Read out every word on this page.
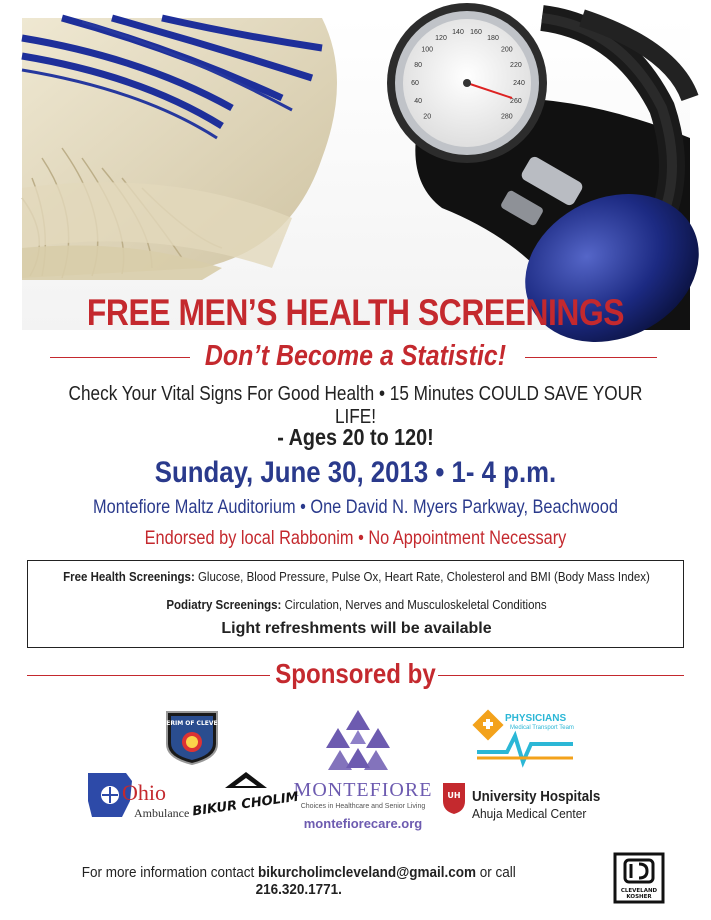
20
40
60
80
100
120
140 160
180
200
220
240
260
280
FREE MEN’S HEALTH SCREENINGS
Don’t Become a Statistic!
Check Your Vital Signs For Good Health • 15 Minutes COULD SAVE YOUR LIFE!
- Ages 20 to 120!
Sunday, June 30, 2013 • 1- 4 p.m.
Montefiore Maltz Auditorium • One David N. Myers Parkway, Beachwood
Endorsed by local Rabbonim • No Appointment Necessary
Free Health Screenings: Glucose, Blood Pressure, Pulse Ox, Heart Rate, Cholesterol and BMI (Body Mass Index)
Podiatry Screenings: Circulation, Nerves and Musculoskeletal Conditions
Light refreshments will be available
Sponsored by
CHAVERIM OF CLEVELAND
MONTEFIORE
Choices in Healthcare and Senior Living
montefiorecare.org
PHYSICIANS
Medical Transport Team
Ohio
Ambulance BIKUR CHOLIM	UH University Hospitals
Ahuja Medical Center
For more information contact bikurcholimcleveland@gmail.com or call 216.320.1771.	CLEVELAND KOSHER
